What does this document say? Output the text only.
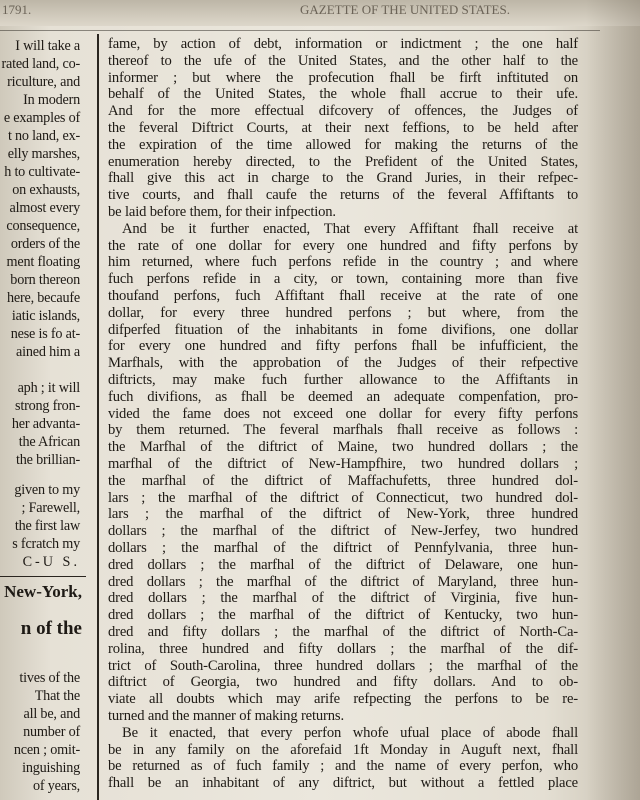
1791.	GAZETTE OF THE UNITED STATES.
I will take a
rated land, co-
riculture, and
In modern
e examples of
t no land, ex-
elly marshes,
h to cultivate-
on exhausts,
almost every
consequence,
orders of the
ment floating
born thereon
here, becaufe
iatic islands,
nese is fo at-
ained him a
aph ; it will
strong fron-
her advanta-
the African
the brillian-
given to my
; Farewell,
the first law
s fcratch my
C-U S.
New-York,
n of the
tives of the
That the
all be, and
number of
ncen ; omit-
inguishing
of years,
fame, by action of debt, information or indictment ; the one half
thereof to the ufe of the United States, and the other half to the
informer ; but where the profecution fhall be firft inftituted on
behalf of the United States, the whole fhall accrue to their ufe.
And for the more effectual difcovery of offences, the Judges of
the feveral Diftrict Courts, at their next feffions, to be held after
the expiration of the time allowed for making the returns of the
enumeration hereby directed, to the Prefident of the United States,
fhall give this act in charge to the Grand Juries, in their refpec-
tive courts, and fhall caufe the returns of the feveral Affiftants to
be laid before them, for their infpection.
And be it further enacted, That every Affiftant fhall receive at
the rate of one dollar for every one hundred and fifty perfons by
him returned, where fuch perfons refide in the country ; and where
fuch perfons refide in a city, or town, containing more than five
thoufand perfons, fuch Affiftant fhall receive at the rate of one
dollar, for every three hundred perfons ; but where, from the
difperfed fituation of the inhabitants in fome divifions, one dollar
for every one hundred and fifty perfons fhall be infufficient, the
Marfhals, with the approbation of the Judges of their refpective
diftricts, may make fuch further allowance to the Affiftants in
fuch divifions, as fhall be deemed an adequate compenfation, pro-
vided the fame does not exceed one dollar for every fifty perfons
by them returned. The feveral marfhals fhall receive as follows :
the Marfhal of the diftrict of Maine, two hundred dollars ; the
marfhal of the diftrict of New-Hampfhire, two hundred dollars ;
the marfhal of the diftrict of Maffachufetts, three hundred dol-
lars ; the marfhal of the diftrict of Connecticut, two hundred dol-
lars ; the marfhal of the diftrict of New-York, three hundred
dollars ; the marfhal of the diftrict of New-Jerfey, two hundred
dollars ; the marfhal of the diftrict of Pennfylvania, three hun-
dred dollars ; the marfhal of the diftrict of Delaware, one hun-
dred dollars ; the marfhal of the diftrict of Maryland, three hun-
dred dollars ; the marfhal of the diftrict of Virginia, five hun-
dred dollars ; the marfhal of the diftrict of Kentucky, two hun-
dred and fifty dollars ; the marfhal of the diftrict of North-Ca-
rolina, three hundred and fifty dollars ; the marfhal of the dif-
trict of South-Carolina, three hundred dollars ; the marfhal of the
diftrict of Georgia, two hundred and fifty dollars. And to ob-
viate all doubts which may arife refpecting the perfons to be re-
turned and the manner of making returns.
Be it enacted, that every perfon whofe ufual place of abode fhall
be in any family on the aforefaid 1ft Monday in Auguft next, fhall
be returned as of fuch family ; and the name of every perfon, who
fhall be an inhabitant of any diftrict, but without a fettled place
